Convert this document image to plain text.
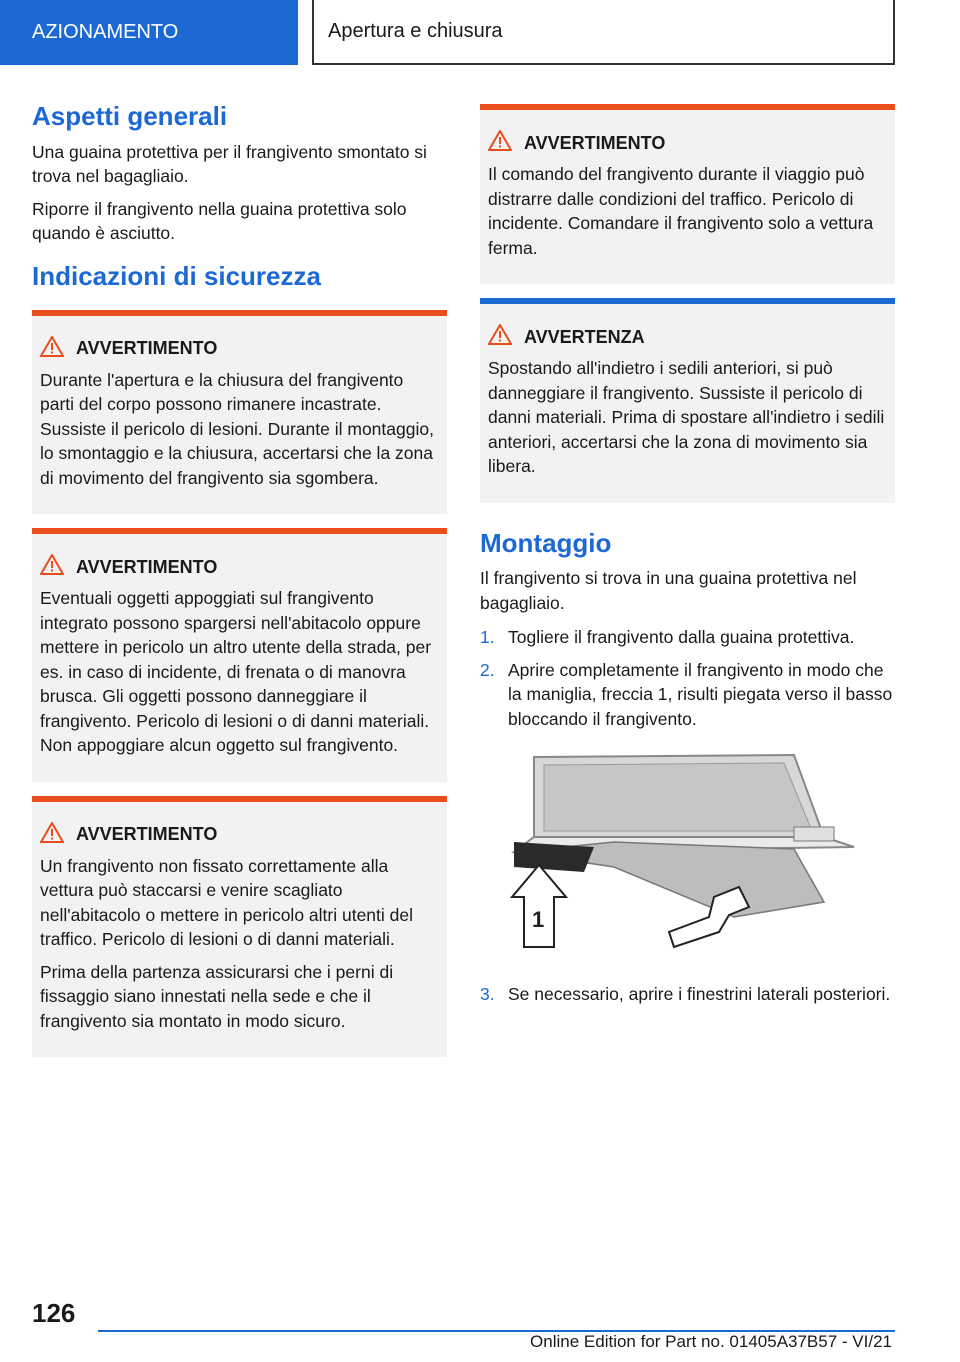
AZIONAMENTO	Apertura e chiusura
Aspetti generali

Una guaina protettiva per il frangivento smontato si trova nel bagagliaio.

Riporre il frangivento nella guaina protettiva solo quando è asciutto.

Indicazioni di sicurezza
AVVERTIMENTO

Durante l'apertura e la chiusura del frangivento parti del corpo possono rimanere incastrate. Sussiste il pericolo di lesioni. Durante il montaggio, lo smontaggio e la chiusura, accertarsi che la zona di movimento del frangivento sia sgombera.

AVVERTIMENTO

Eventuali oggetti appoggiati sul frangivento integrato possono spargersi nell'abitacolo oppure mettere in pericolo un altro utente della strada, per es. in caso di incidente, di frenata o di manovra brusca. Gli oggetti possono danneggiare il frangivento. Pericolo di lesioni o di danni materiali. Non appoggiare alcun oggetto sul frangivento.

AVVERTIMENTO

Un frangivento non fissato correttamente alla vettura può staccarsi e venire scagliato nell'abitacolo o mettere in pericolo altri utenti del traffico. Pericolo di lesioni o di danni materiali.

Prima della partenza assicurarsi che i perni di fissaggio siano innestati nella sede e che il frangivento sia montato in modo sicuro.

AVVERTIMENTO

Il comando del frangivento durante il viaggio può distrarre dalle condizioni del traffico. Pericolo di incidente. Comandare il frangivento solo a vettura ferma.

AVVERTENZA

Spostando all'indietro i sedili anteriori, si può danneggiare il frangivento. Sussiste il pericolo di danni materiali. Prima di spostare all'indietro i sedili anteriori, accertarsi che la zona di movimento sia libera.

Montaggio

Il frangivento si trova in una guaina protettiva nel bagagliaio.

1. Togliere il frangivento dalla guaina protettiva.
2. Aprire completamente il frangivento in modo che la maniglia, freccia 1, risulti piegata verso il basso bloccando il frangivento.
1
3. Se necessario, aprire i finestrini laterali posteriori.
126
Online Edition for Part no. 01405A37B57 - VI/21
